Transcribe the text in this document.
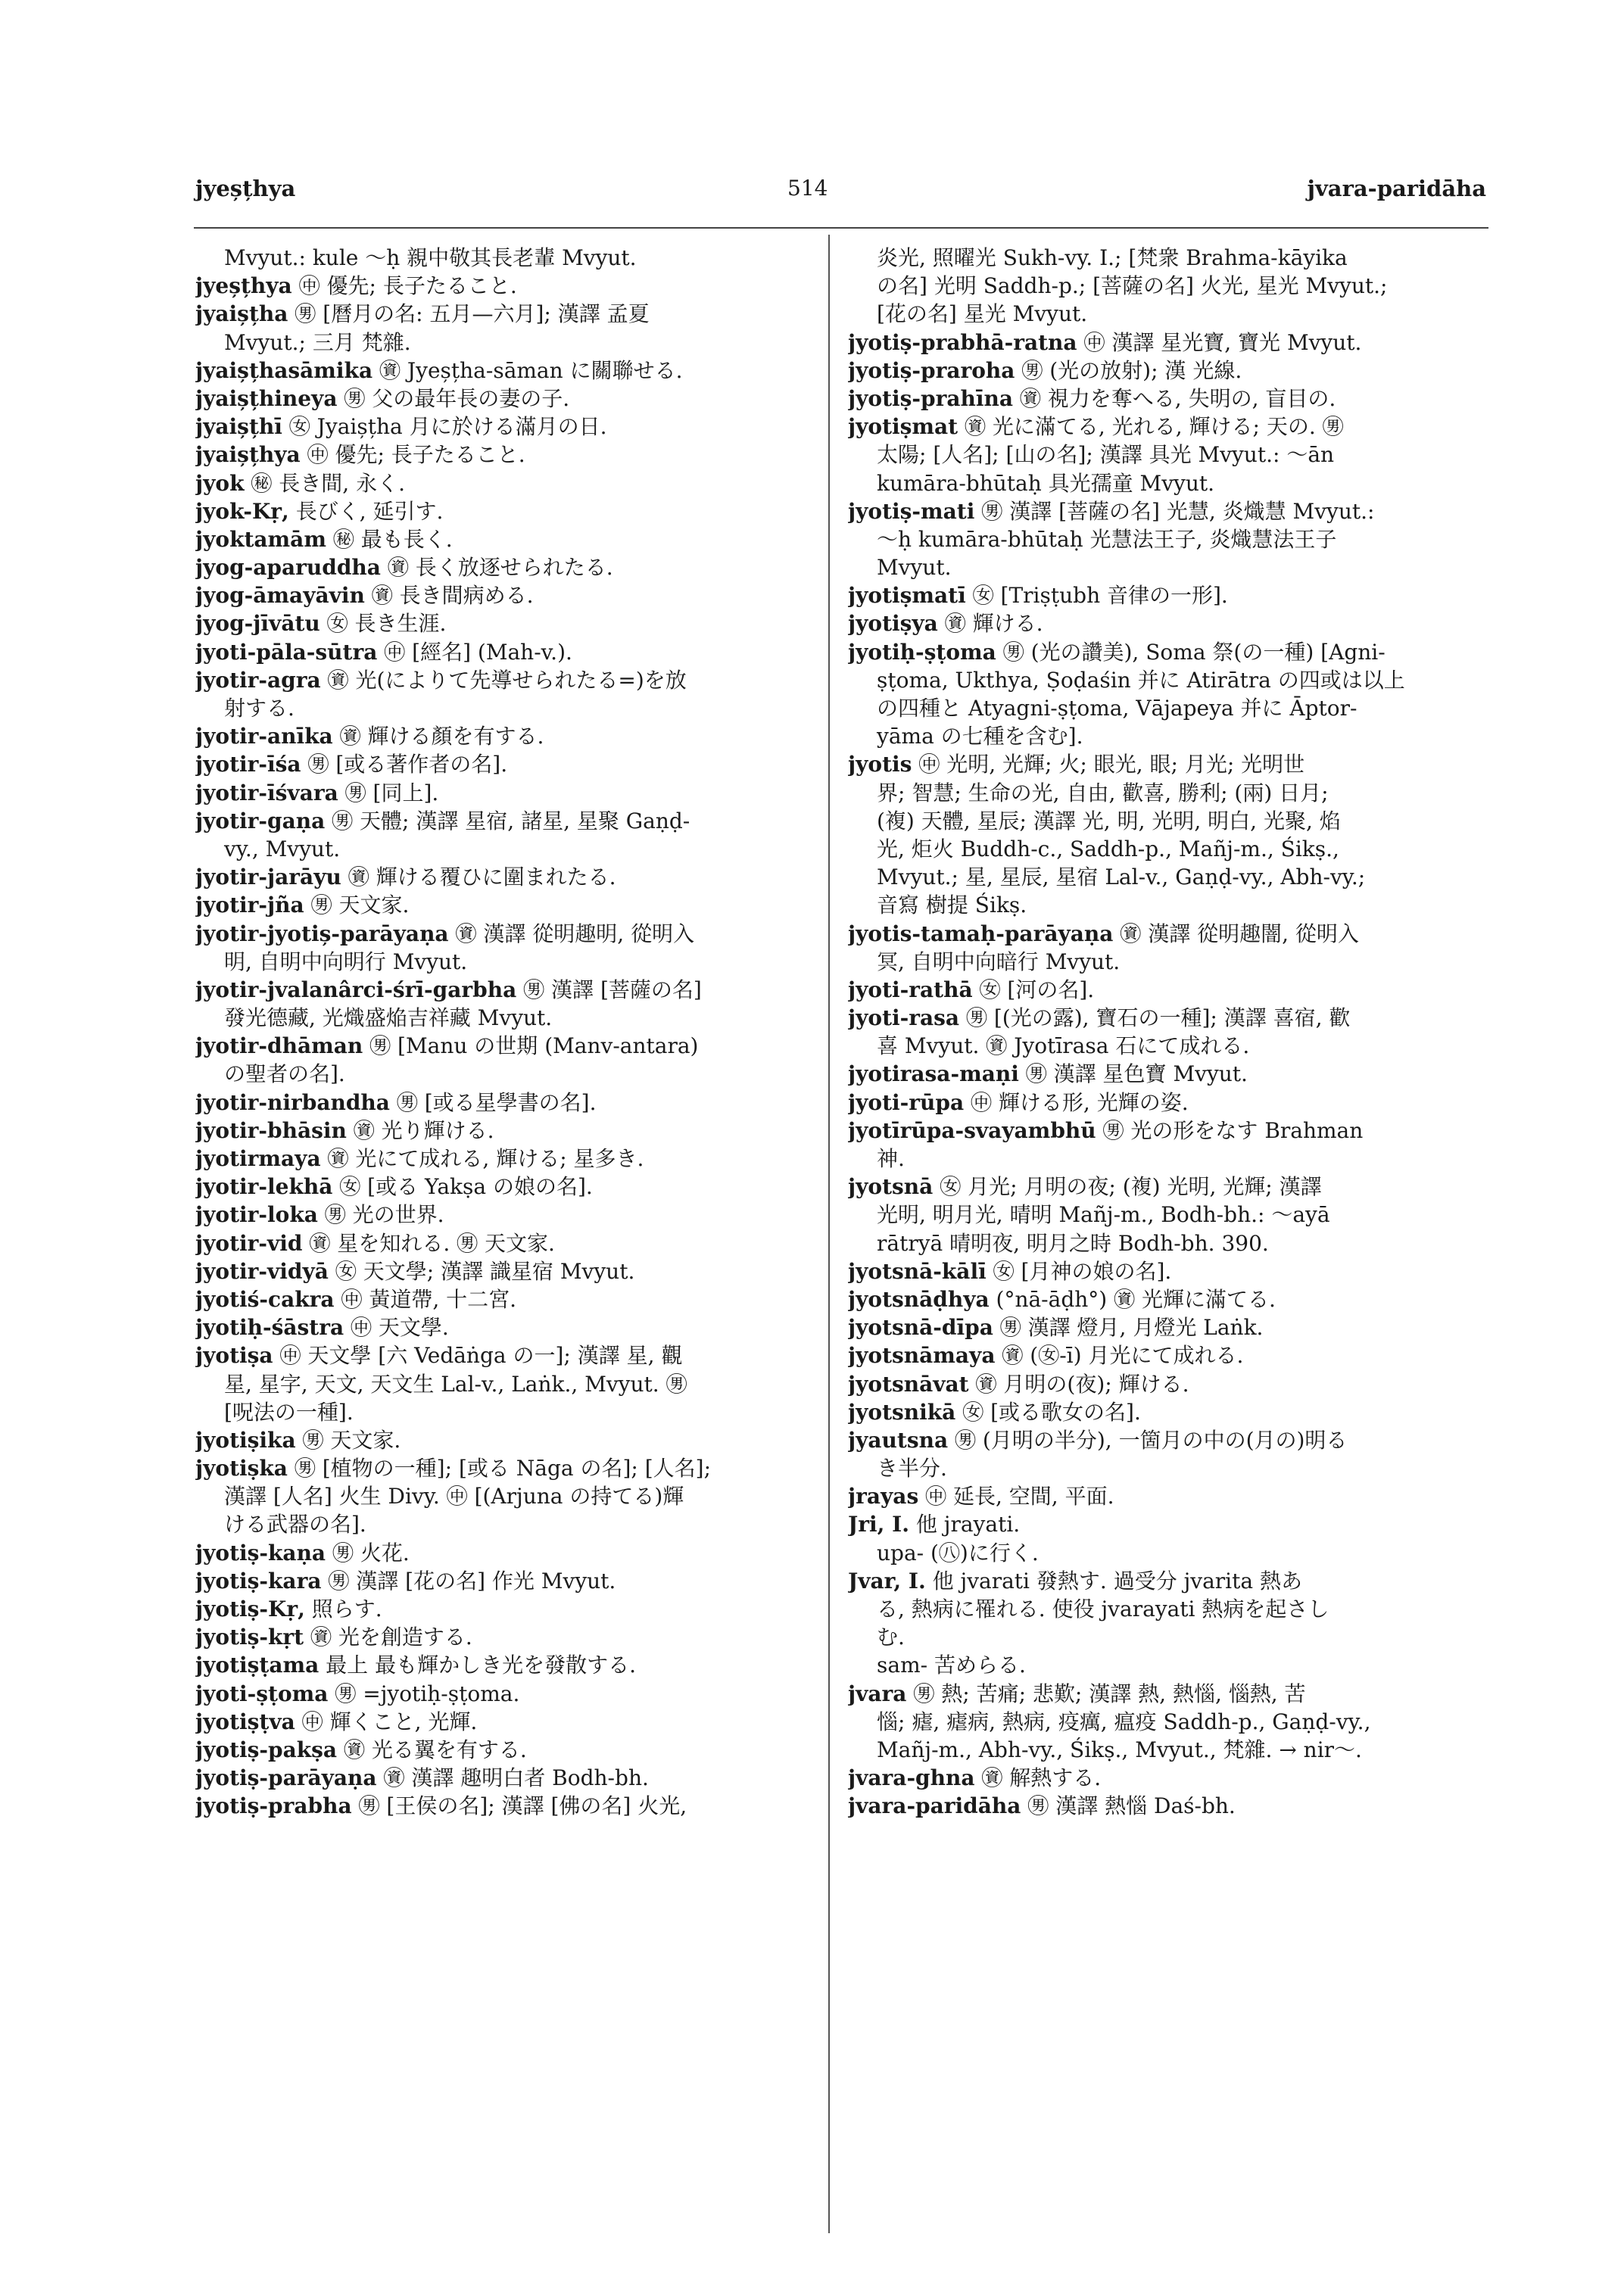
jyeșțhya	514	jvara-paridāha
Mvyut.: kule ～ḥ 親中敬其長老輩 Mvyut.
jyeșțhya ㊥ 優先; 長子たること.
jyaișțha ㊚ [曆月の名: 五月—六月]; 漢譯 孟夏
Mvyut.; 三月 梵雜.
jyaișțhasāmika ㊮ Jyeșțha-sāman に關聯せる.
jyaișțhineya ㊚ 父の最年長の妻の子.
jyaișțhī ㊛ Jyaișțha 月に於ける滿月の日.
jyaișțhya ㊥ 優先; 長子たること.
jyok ㊙ 長き間, 永く.
jyok-Kṛ, 長びく, 延引す.
jyoktamām ㊙ 最も長く.
jyog-aparuddha ㊮ 長く放逐せられたる.
jyog-āmayāvin ㊮ 長き間病める.
jyog-jīvātu ㊛ 長き生涯.
jyoti-pāla-sūtra ㊥ [經名] (Mah-v.).
jyotir-agra ㊮ 光(によりて先導せられたる=)を放
射する.
jyotir-anīka ㊮ 輝ける顏を有する.
jyotir-īśa ㊚ [或る著作者の名].
jyotir-īśvara ㊚ [同上].
jyotir-gaṇa ㊚ 天體; 漢譯 星宿, 諸星, 星聚 Gaṇḍ-
vy., Mvyut.
jyotir-jarāyu ㊮ 輝ける覆ひに圍まれたる.
jyotir-jña ㊚ 天文家.
jyotir-jyotiș-parāyaṇa ㊮ 漢譯 從明趣明, 從明入
明, 自明中向明行 Mvyut.
jyotir-jvalanârci-śrī-garbha ㊚ 漢譯 [菩薩の名]
發光德藏, 光熾盛焔吉祥藏 Mvyut.
jyotir-dhāman ㊚ [Manu の世期 (Manv-antara)
の聖者の名].
jyotir-nirbandha ㊚ [或る星學書の名].
jyotir-bhāsin ㊮ 光り輝ける.
jyotirmaya ㊮ 光にて成れる, 輝ける; 星多き.
jyotir-lekhā ㊛ [或る Yakṣa の娘の名].
jyotir-loka ㊚ 光の世界.
jyotir-vid ㊮ 星を知れる. ㊚ 天文家.
jyotir-vidyā ㊛ 天文學; 漢譯 識星宿 Mvyut.
jyotiś-cakra ㊥ 黃道帶, 十二宮.
jyotiḥ-śāstra ㊥ 天文學.
jyotiṣa ㊥ 天文學 [六 Vedāṅga の一]; 漢譯 星, 觀
星, 星字, 天文, 天文生 Lal-v., Laṅk., Mvyut. ㊚
[呪法の一種].
jyotiṣika ㊚ 天文家.
jyotiṣka ㊚ [植物の一種]; [或る Nāga の名]; [人名];
漢譯 [人名] 火生 Divy. ㊥ [(Arjuna の持てる)輝
ける武器の名].
jyotiṣ-kaṇa ㊚ 火花.
jyotiṣ-kara ㊚ 漢譯 [花の名] 作光 Mvyut.
jyotiṣ-Kṛ, 照らす.
jyotiṣ-kṛt ㊮ 光を創造する.
jyotiṣṭama 最上 最も輝かしき光を發散する.
jyoti-ṣṭoma ㊚ =jyotiḥ-ṣṭoma.
jyotiṣṭva ㊥ 輝くこと, 光輝.
jyotiṣ-pakṣa ㊮ 光る翼を有する.
jyotiṣ-parāyaṇa ㊮ 漢譯 趣明白者 Bodh-bh.
jyotiṣ-prabha ㊚ [王侯の名]; 漢譯 [佛の名] 火光,
炎光, 照曜光 Sukh-vy. I.; [梵衆 Brahma-kāyika
の名] 光明 Saddh-p.; [菩薩の名] 火光, 星光 Mvyut.;
[花の名] 星光 Mvyut.
jyotiṣ-prabhā-ratna ㊥ 漢譯 星光寶, 寶光 Mvyut.
jyotiṣ-praroha ㊚ (光の放射); 漢 光線.
jyotiṣ-prahīna ㊮ 視力を奪へる, 失明の, 盲目の.
jyotiṣmat ㊮ 光に滿てる, 光れる, 輝ける; 天の. ㊚
太陽; [人名]; [山の名]; 漢譯 具光 Mvyut.: ～ān
kumāra-bhūtaḥ 具光孺童 Mvyut.
jyotiṣ-mati ㊚ 漢譯 [菩薩の名] 光慧, 炎熾慧 Mvyut.:
～ḥ kumāra-bhūtaḥ 光慧法王子, 炎熾慧法王子
Mvyut.
jyotiṣmatī ㊛ [Triṣṭubh 音律の一形].
jyotiṣya ㊮ 輝ける.
jyotiḥ-ṣṭoma ㊚ (光の讚美), Soma 祭(の一種) [Agni-
ṣṭoma, Ukthya, Ṣoḍaśin 并に Atirātra の四或は以上
の四種と Atyagni-ṣṭoma, Vājapeya 并に Āptor-
yāma の七種を含む].
jyotis ㊥ 光明, 光輝; 火; 眼光, 眼; 月光; 光明世
界; 智慧; 生命の光, 自由, 歡喜, 勝利; (兩) 日月;
(複) 天體, 星辰; 漢譯 光, 明, 光明, 明白, 光聚, 焰
光, 炬火 Buddh-c., Saddh-p., Mañj-m., Śikṣ.,
Mvyut.; 星, 星辰, 星宿 Lal-v., Gaṇḍ-vy., Abh-vy.;
音寫 樹提 Śikṣ.
jyotis-tamaḥ-parāyaṇa ㊮ 漢譯 從明趣闇, 從明入
冥, 自明中向暗行 Mvyut.
jyoti-rathā ㊛ [河の名].
jyoti-rasa ㊚ [(光の露), 寶石の一種]; 漢譯 喜宿, 歡
喜 Mvyut. ㊮ Jyotīrasa 石にて成れる.
jyotirasa-maṇi ㊚ 漢譯 星色寶 Mvyut.
jyoti-rūpa ㊥ 輝ける形, 光輝の姿.
jyotīrūpa-svayambhū ㊚ 光の形をなす Brahman
神.
jyotsnā ㊛ 月光; 月明の夜; (複) 光明, 光輝; 漢譯
光明, 明月光, 晴明 Mañj-m., Bodh-bh.: ～ayā
rātryā 晴明夜, 明月之時 Bodh-bh. 390.
jyotsnā-kālī ㊛ [月神の娘の名].
jyotsnāḍhya (°nā-āḍh°) ㊮ 光輝に滿てる.
jyotsnā-dīpa ㊚ 漢譯 燈月, 月燈光 Laṅk.
jyotsnāmaya ㊮ (㊛-ī) 月光にて成れる.
jyotsnāvat ㊮ 月明の(夜); 輝ける.
jyotsnikā ㊛ [或る歌女の名].
jyautsna ㊚ (月明の半分), 一箇月の中の(月の)明る
き半分.
jrayas ㊥ 延長, 空間, 平面.
Jri, I. 他 jrayati.
upa- (㊇)に行く.
Jvar, I. 他 jvarati 發熱す. 過受分 jvarita 熱あ
る, 熱病に罹れる. 使役 jvarayati 熱病を起さし
む.
sam- 苦めらる.
jvara ㊚ 熱; 苦痛; 悲歎; 漢譯 熱, 熱惱, 惱熱, 苦
惱; 瘧, 瘧病, 熱病, 疫癘, 瘟疫 Saddh-p., Gaṇḍ-vy.,
Mañj-m., Abh-vy., Śikṣ., Mvyut., 梵雜. → nir～.
jvara-ghna ㊮ 解熱する.
jvara-paridāha ㊚ 漢譯 熱惱 Daś-bh.
